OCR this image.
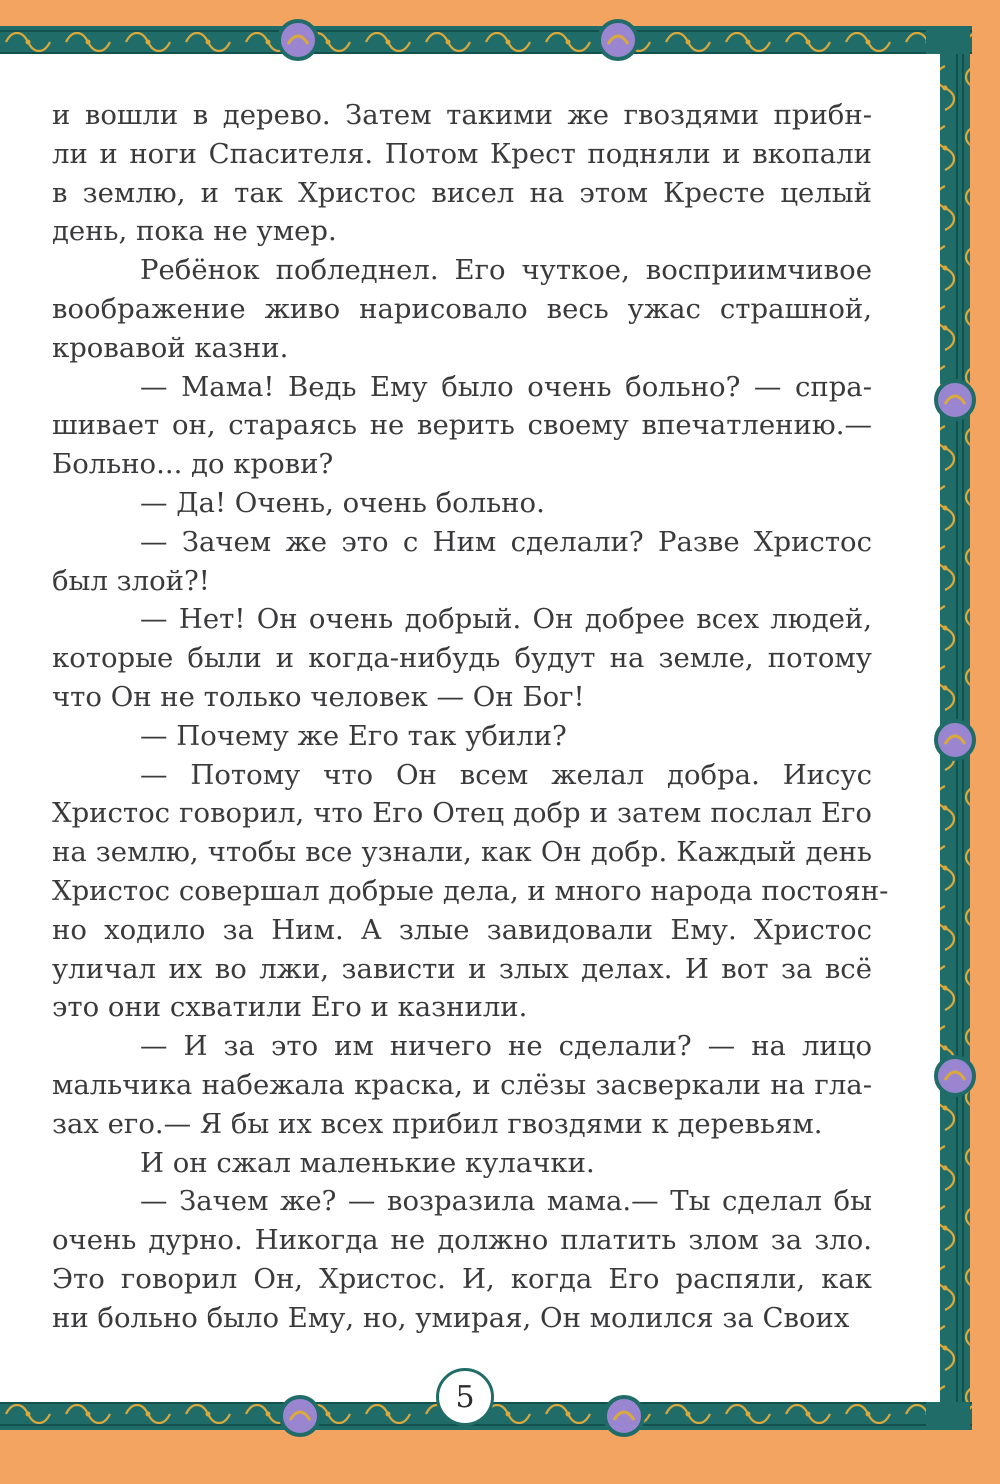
и вошли в дерево. Затем такими же гвоздями прибн-
ли и ноги Спасителя. Потом Крест подняли и вкопали
в землю, и так Христос висел на этом Кресте целый
день, пока не умер.
Ребёнок побледнел. Его чуткое, восприимчивое
воображение живо нарисовало весь ужас страшной,
кровавой казни.
— Мама! Ведь Ему было очень больно? — спра-
шивает он, стараясь не верить своему впечатлению.—
Больно... до крови?
— Да! Очень, очень больно.
— Зачем же это с Ним сделали? Разве Христос
был злой?!
— Нет! Он очень добрый. Он добрее всех людей,
которые были и когда-нибудь будут на земле, потому
что Он не только человек — Он Бог!
— Почему же Его так убили?
— Потому что Он всем желал добра. Иисус
Христос говорил, что Его Отец добр и затем послал Его
на землю, чтобы все узнали, как Он добр. Каждый день
Христос совершал добрые дела, и много народа постоян-
но ходило за Ним. А злые завидовали Ему. Христос
уличал их во лжи, зависти и злых делах. И вот за всё
это они схватили Его и казнили.
— И за это им ничего не сделали? — на лицо
мальчика набежала краска, и слёзы засверкали на гла-
зах его.— Я бы их всех прибил гвоздями к деревьям.
И он сжал маленькие кулачки.
— Зачем же? — возразила мама.— Ты сделал бы
очень дурно. Никогда не должно платить злом за зло.
Это говорил Он, Христос. И, когда Его распяли, как
ни больно было Ему, но, умирая, Он молился за Своих
5
